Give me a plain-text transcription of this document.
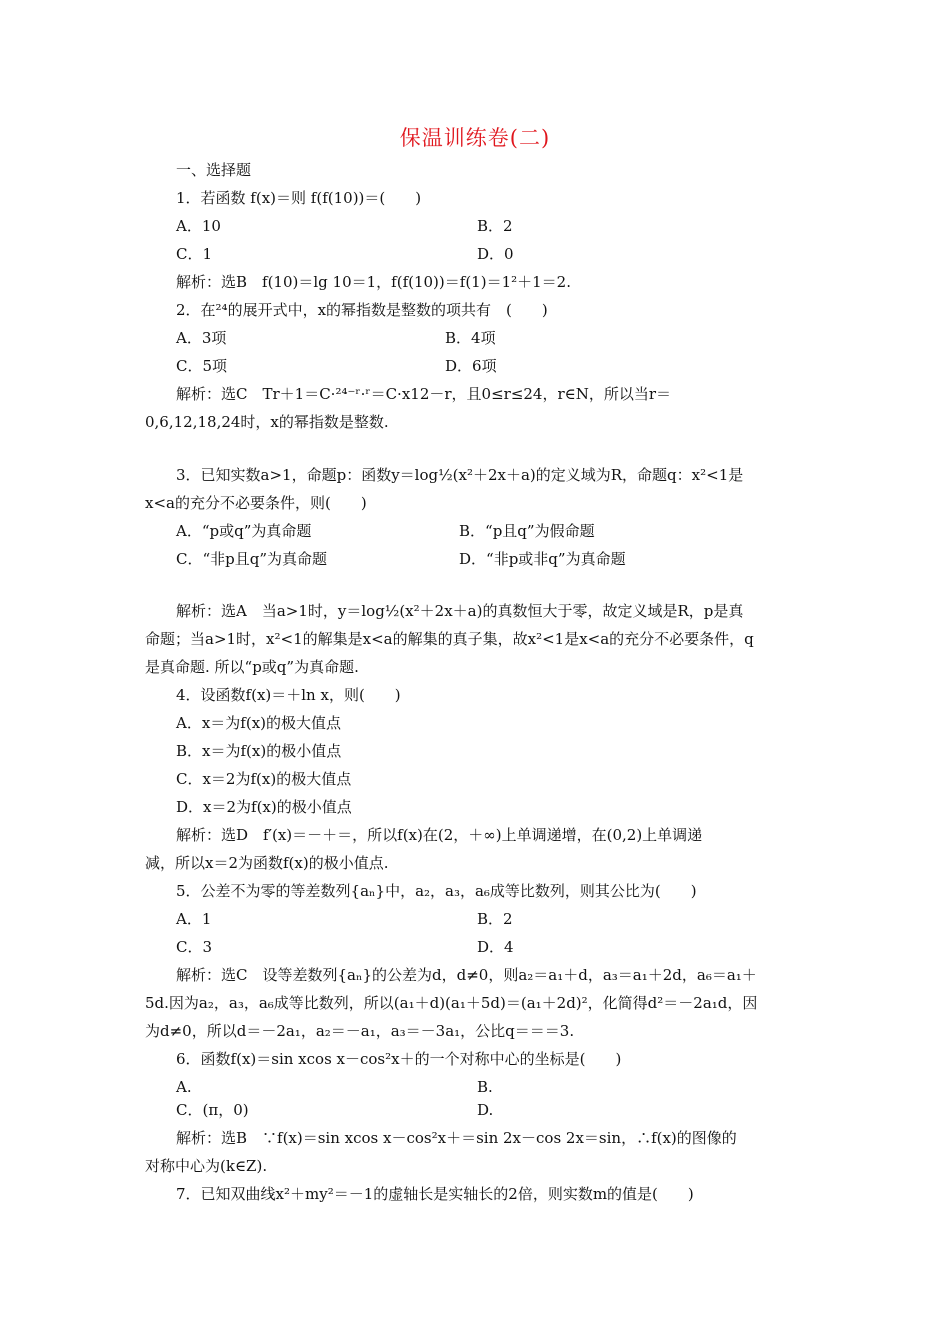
保温训练卷(二)
一、选择题
1．若函数 f(x)＝则 f(f(10))＝(　　)
A．10	B．2
C．1	D．0
解析：选B　f(10)＝lg 10＝1，f(f(10))＝f(1)＝1²＋1＝2.
2．在²⁴的展开式中，x的幂指数是整数的项共有　(　　)
A．3项	B．4项
C．5项	D．6项
解析：选C　Tr＋1＝C·²⁴⁻ʳ·ʳ＝C·x12－r，且0≤r≤24，r∈N，所以当r＝
0,6,12,18,24时，x的幂指数是整数.
3．已知实数a>1，命题p：函数y＝log½(x²＋2x＋a)的定义域为R，命题q：x²<1是
x<a的充分不必要条件，则(　　)
A．“p或q”为真命题	B．“p且q”为假命题
C．“非p且q”为真命题	D．“非p或非q”为真命题
解析：选A　当a>1时，y＝log½(x²＋2x＋a)的真数恒大于零，故定义域是R，p是真
命题；当a>1时，x²<1的解集是x<a的解集的真子集，故x²<1是x<a的充分不必要条件，q
是真命题. 所以“p或q”为真命题.
4．设函数f(x)＝＋ln x，则(　　)
A．x＝为f(x)的极大值点
B．x＝为f(x)的极小值点
C．x＝2为f(x)的极大值点
D．x＝2为f(x)的极小值点
解析：选D　f′(x)＝－＋＝，所以f(x)在(2，＋∞)上单调递增，在(0,2)上单调递
减，所以x＝2为函数f(x)的极小值点.
5．公差不为零的等差数列{aₙ}中，a₂，a₃，a₆成等比数列，则其公比为(　　)
A．1	B．2
C．3	D．4
解析：选C　设等差数列{aₙ}的公差为d，d≠0，则a₂＝a₁＋d，a₃＝a₁＋2d，a₆＝a₁＋
5d.因为a₂，a₃，a₆成等比数列，所以(a₁＋d)(a₁＋5d)＝(a₁＋2d)²，化简得d²＝－2a₁d，因
为d≠0，所以d＝－2a₁，a₂＝－a₁，a₃＝－3a₁，公比q＝＝＝3.
6．函数f(x)＝sin xcos x－cos²x＋的一个对称中心的坐标是(　　)
A.	B.
C．(π，0)	D.
解析：选B　∵f(x)＝sin xcos x－cos²x＋＝sin 2x－cos 2x＝sin，∴f(x)的图像的
对称中心为(k∈Z).
7．已知双曲线x²＋my²＝－1的虚轴长是实轴长的2倍，则实数m的值是(　　)
